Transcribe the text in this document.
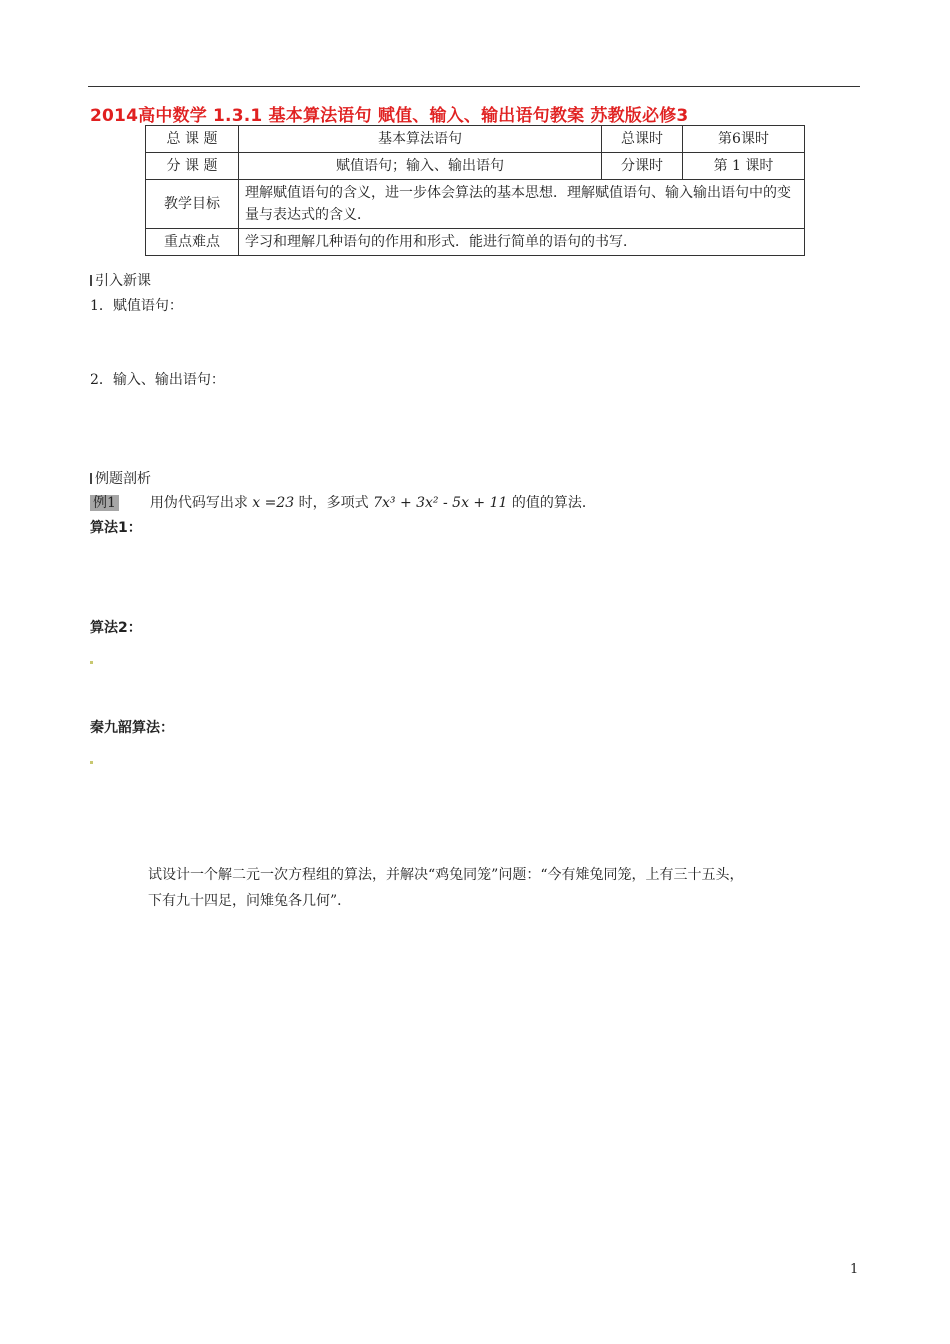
2014高中数学 1.3.1 基本算法语句 赋值、输入、输出语句教案 苏教版必修3
总 课 题	基本算法语句	总课时	第6课时
分 课 题	赋值语句；输入、输出语句	分课时	第 1 课时
教学目标	理解赋值语句的含义，进一步体会算法的基本思想．理解赋值语句、输入输出语句中的变量与表达式的含义．		
重点难点	学习和理解几种语句的作用和形式．能进行简单的语句的书写．		
引入新课
1．赋值语句：
2．输入、输出语句：
例题剖析
例1 用伪代码写出求 x =23 时，多项式 7x³ + 3x² - 5x + 11 的值的算法．
算法1：
算法2：
秦九韶算法：
试设计一个解二元一次方程组的算法，并解决“鸡兔同笼”问题：“今有雉兔同笼，上有三十五头，
下有九十四足，问雉兔各几何”．
1
